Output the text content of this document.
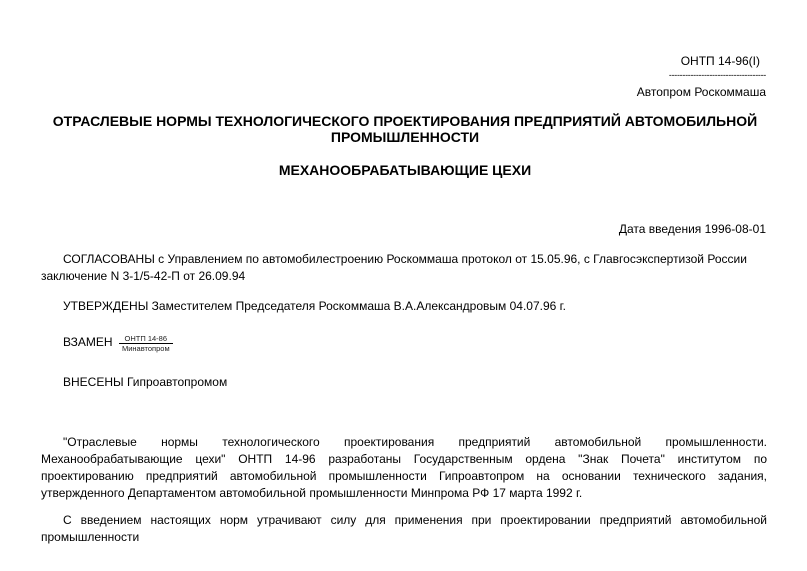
ОНТП 14-96(I)
------------------------------------
Автопром Роскоммаша
ОТРАСЛЕВЫЕ НОРМЫ ТЕХНОЛОГИЧЕСКОГО ПРОЕКТИРОВАНИЯ ПРЕДПРИЯТИЙ АВТОМОБИЛЬНОЙ ПРОМЫШЛЕННОСТИ
МЕХАНООБРАБАТЫВАЮЩИЕ ЦЕХИ
Дата введения 1996-08-01
СОГЛАСОВАНЫ с Управлением по автомобилестроению Роскоммаша протокол от 15.05.96, с Главгосэкспертизой России заключение N 3-1/5-42-П от 26.09.94
УТВЕРЖДЕНЫ Заместителем Председателя Роскоммаша В.А.Александровым 04.07.96 г.
ВЗАМЕН $\frac{\text{ОНТП 14-86}}{\text{Минавтопром}}$
ВНЕСЕНЫ Гипроавтопромом
"Отраслевые нормы технологического проектирования предприятий автомобильной промышленности. Механообрабатывающие цехи" ОНТП 14-96 разработаны Государственным ордена "Знак Почета" институтом по проектированию предприятий автомобильной промышленности Гипроавтопром на основании технического задания, утвержденного Департаментом автомобильной промышленности Минпрома РФ 17 марта 1992 г.
С введением настоящих норм утрачивают силу для применения при проектировании предприятий автомобильной промышленности
